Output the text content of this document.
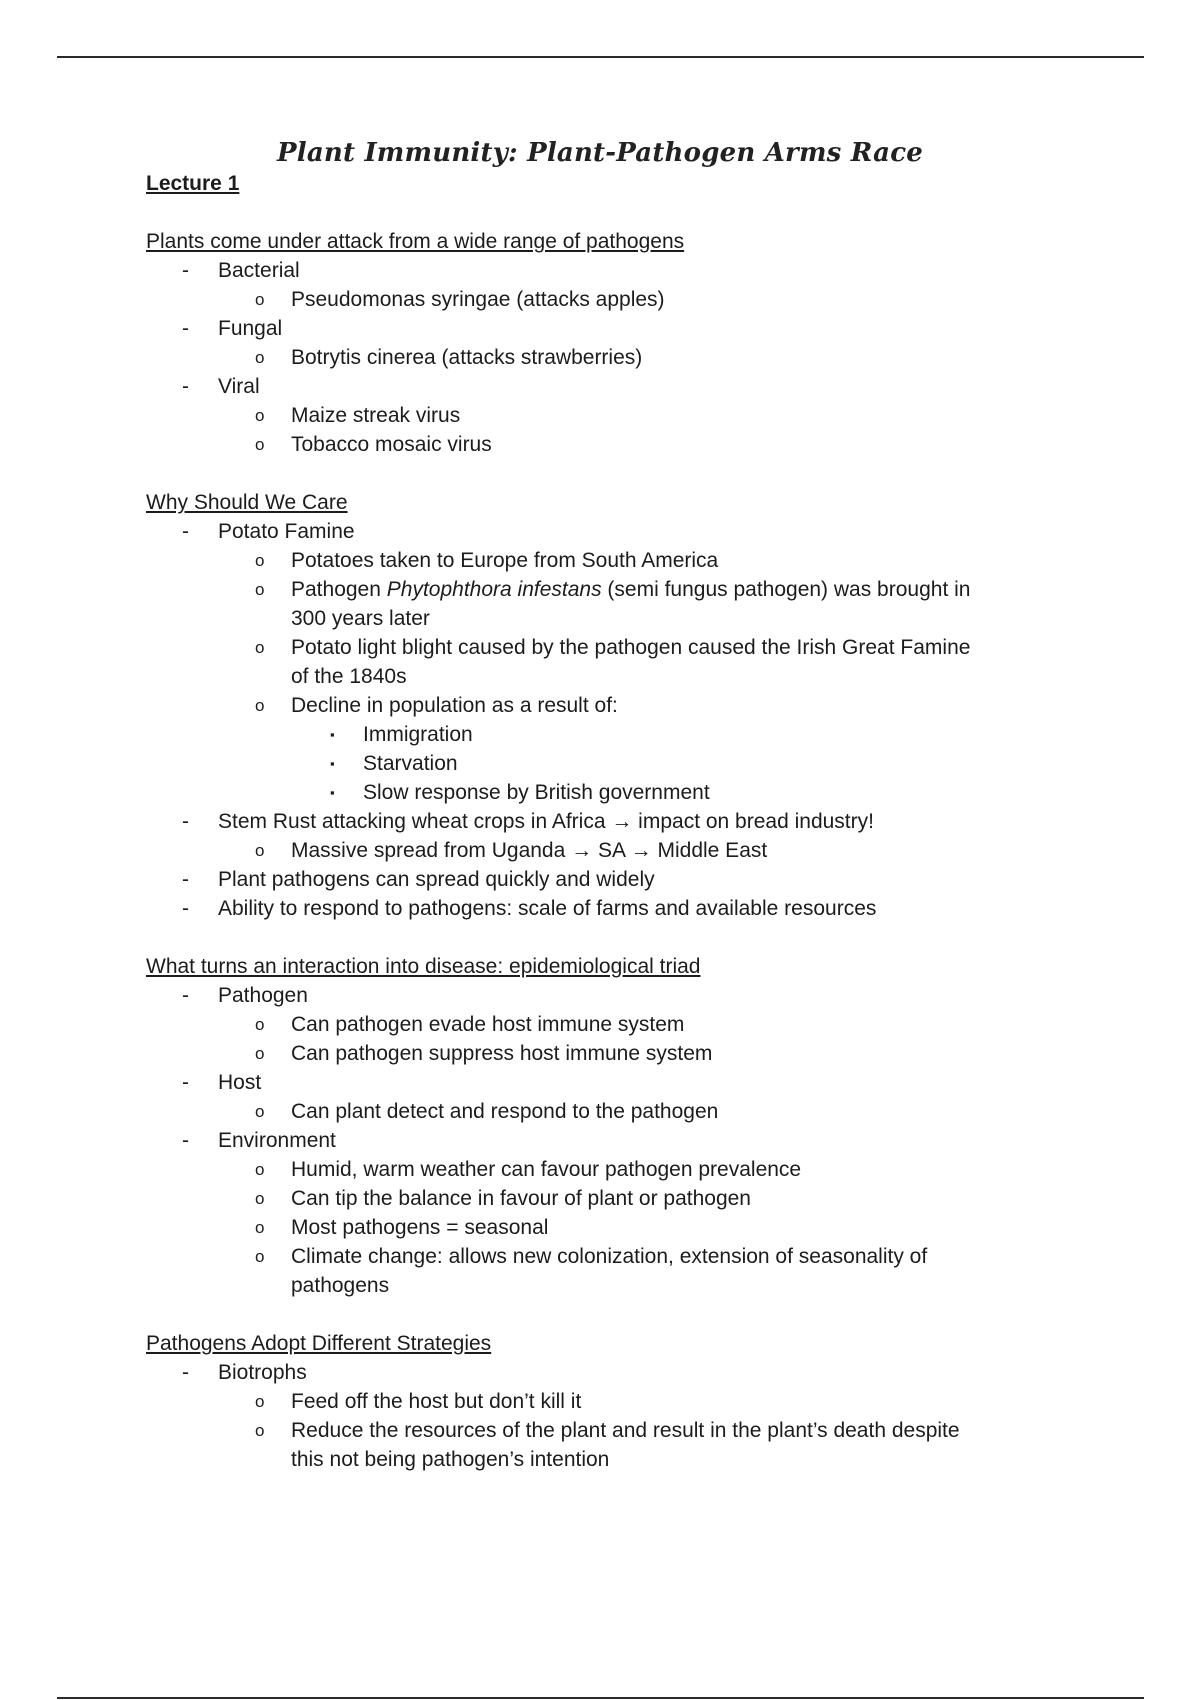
Plant Immunity: Plant-Pathogen Arms Race
Lecture 1
Plants come under attack from a wide range of pathogens
- Bacterial
o Pseudomonas syringae (attacks apples)
- Fungal
o Botrytis cinerea (attacks strawberries)
- Viral
o Maize streak virus
o Tobacco mosaic virus
Why Should We Care
- Potato Famine
o Potatoes taken to Europe from South America
o Pathogen Phytophthora infestans (semi fungus pathogen) was brought in
300 years later
o Potato light blight caused by the pathogen caused the Irish Great Famine
of the 1840s
o Decline in population as a result of:
▪ Immigration
▪ Starvation
▪ Slow response by British government
- Stem Rust attacking wheat crops in Africa → impact on bread industry!
o Massive spread from Uganda → SA → Middle East
- Plant pathogens can spread quickly and widely
- Ability to respond to pathogens: scale of farms and available resources
What turns an interaction into disease: epidemiological triad
- Pathogen
o Can pathogen evade host immune system
o Can pathogen suppress host immune system
- Host
o Can plant detect and respond to the pathogen
- Environment
o Humid, warm weather can favour pathogen prevalence
o Can tip the balance in favour of plant or pathogen
o Most pathogens = seasonal
o Climate change: allows new colonization, extension of seasonality of
pathogens
Pathogens Adopt Different Strategies
- Biotrophs
o Feed off the host but don’t kill it
o Reduce the resources of the plant and result in the plant’s death despite
this not being pathogen’s intention
